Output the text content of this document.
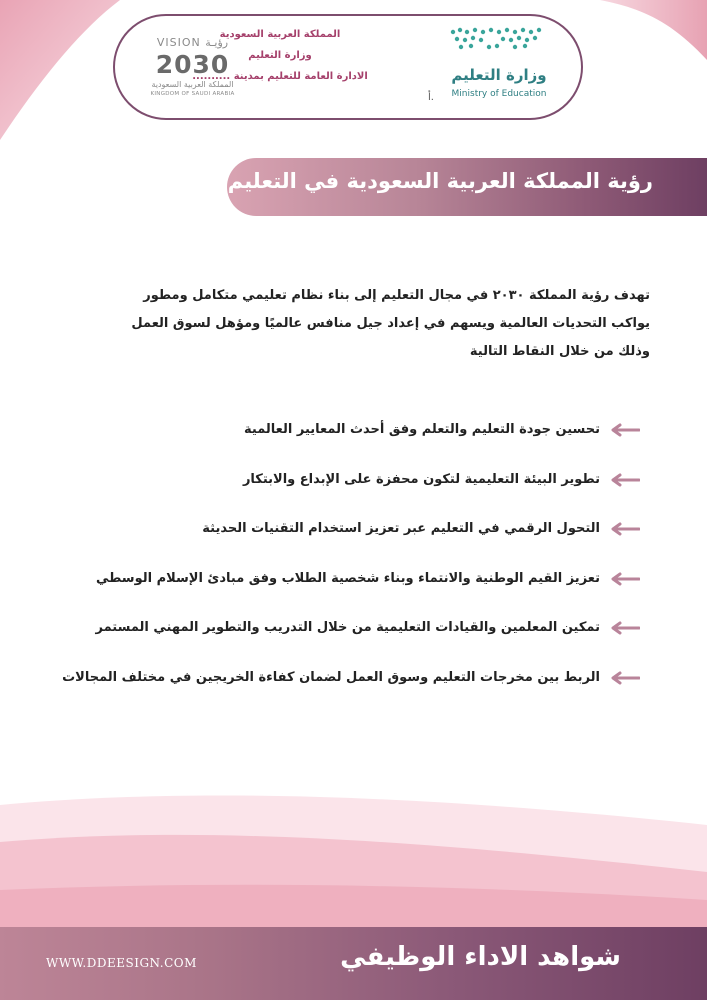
المملكة العربية السعودية
وزارة التعليم
الادارة العامة للتعليم بمدينة ..........
أ.
وزارة التعليم
Ministry of Education
VISION رؤيـة
2030
المملكة العربية السعودية
KINGDOM OF SAUDI ARABIA
رؤية المملكة العربية السعودية في التعليم
تهدف رؤية المملكة ٢٠٣٠ في مجال التعليم إلى بناء نظام تعليمي متكامل ومطور
يواكب التحديات العالمية ويسهم في إعداد جيل منافس عالميًا ومؤهل لسوق العمل
وذلك من خلال النقاط التالية
تحسين جودة التعليم والتعلم وفق أحدث المعايير العالمية
تطوير البيئة التعليمية لتكون محفزة على الإبداع والابتكار
التحول الرقمي في التعليم عبر تعزيز استخدام التقنيات الحديثة
تعزيز القيم الوطنية والانتماء وبناء شخصية الطلاب وفق مبادئ الإسلام الوسطي
تمكين المعلمين والقيادات التعليمية من خلال التدريب والتطوير المهني المستمر
الربط بين مخرجات التعليم وسوق العمل لضمان كفاءة الخريجين في مختلف المجالات
WWW.DDEESIGN.COM	شواهد الاداء الوظيفي
